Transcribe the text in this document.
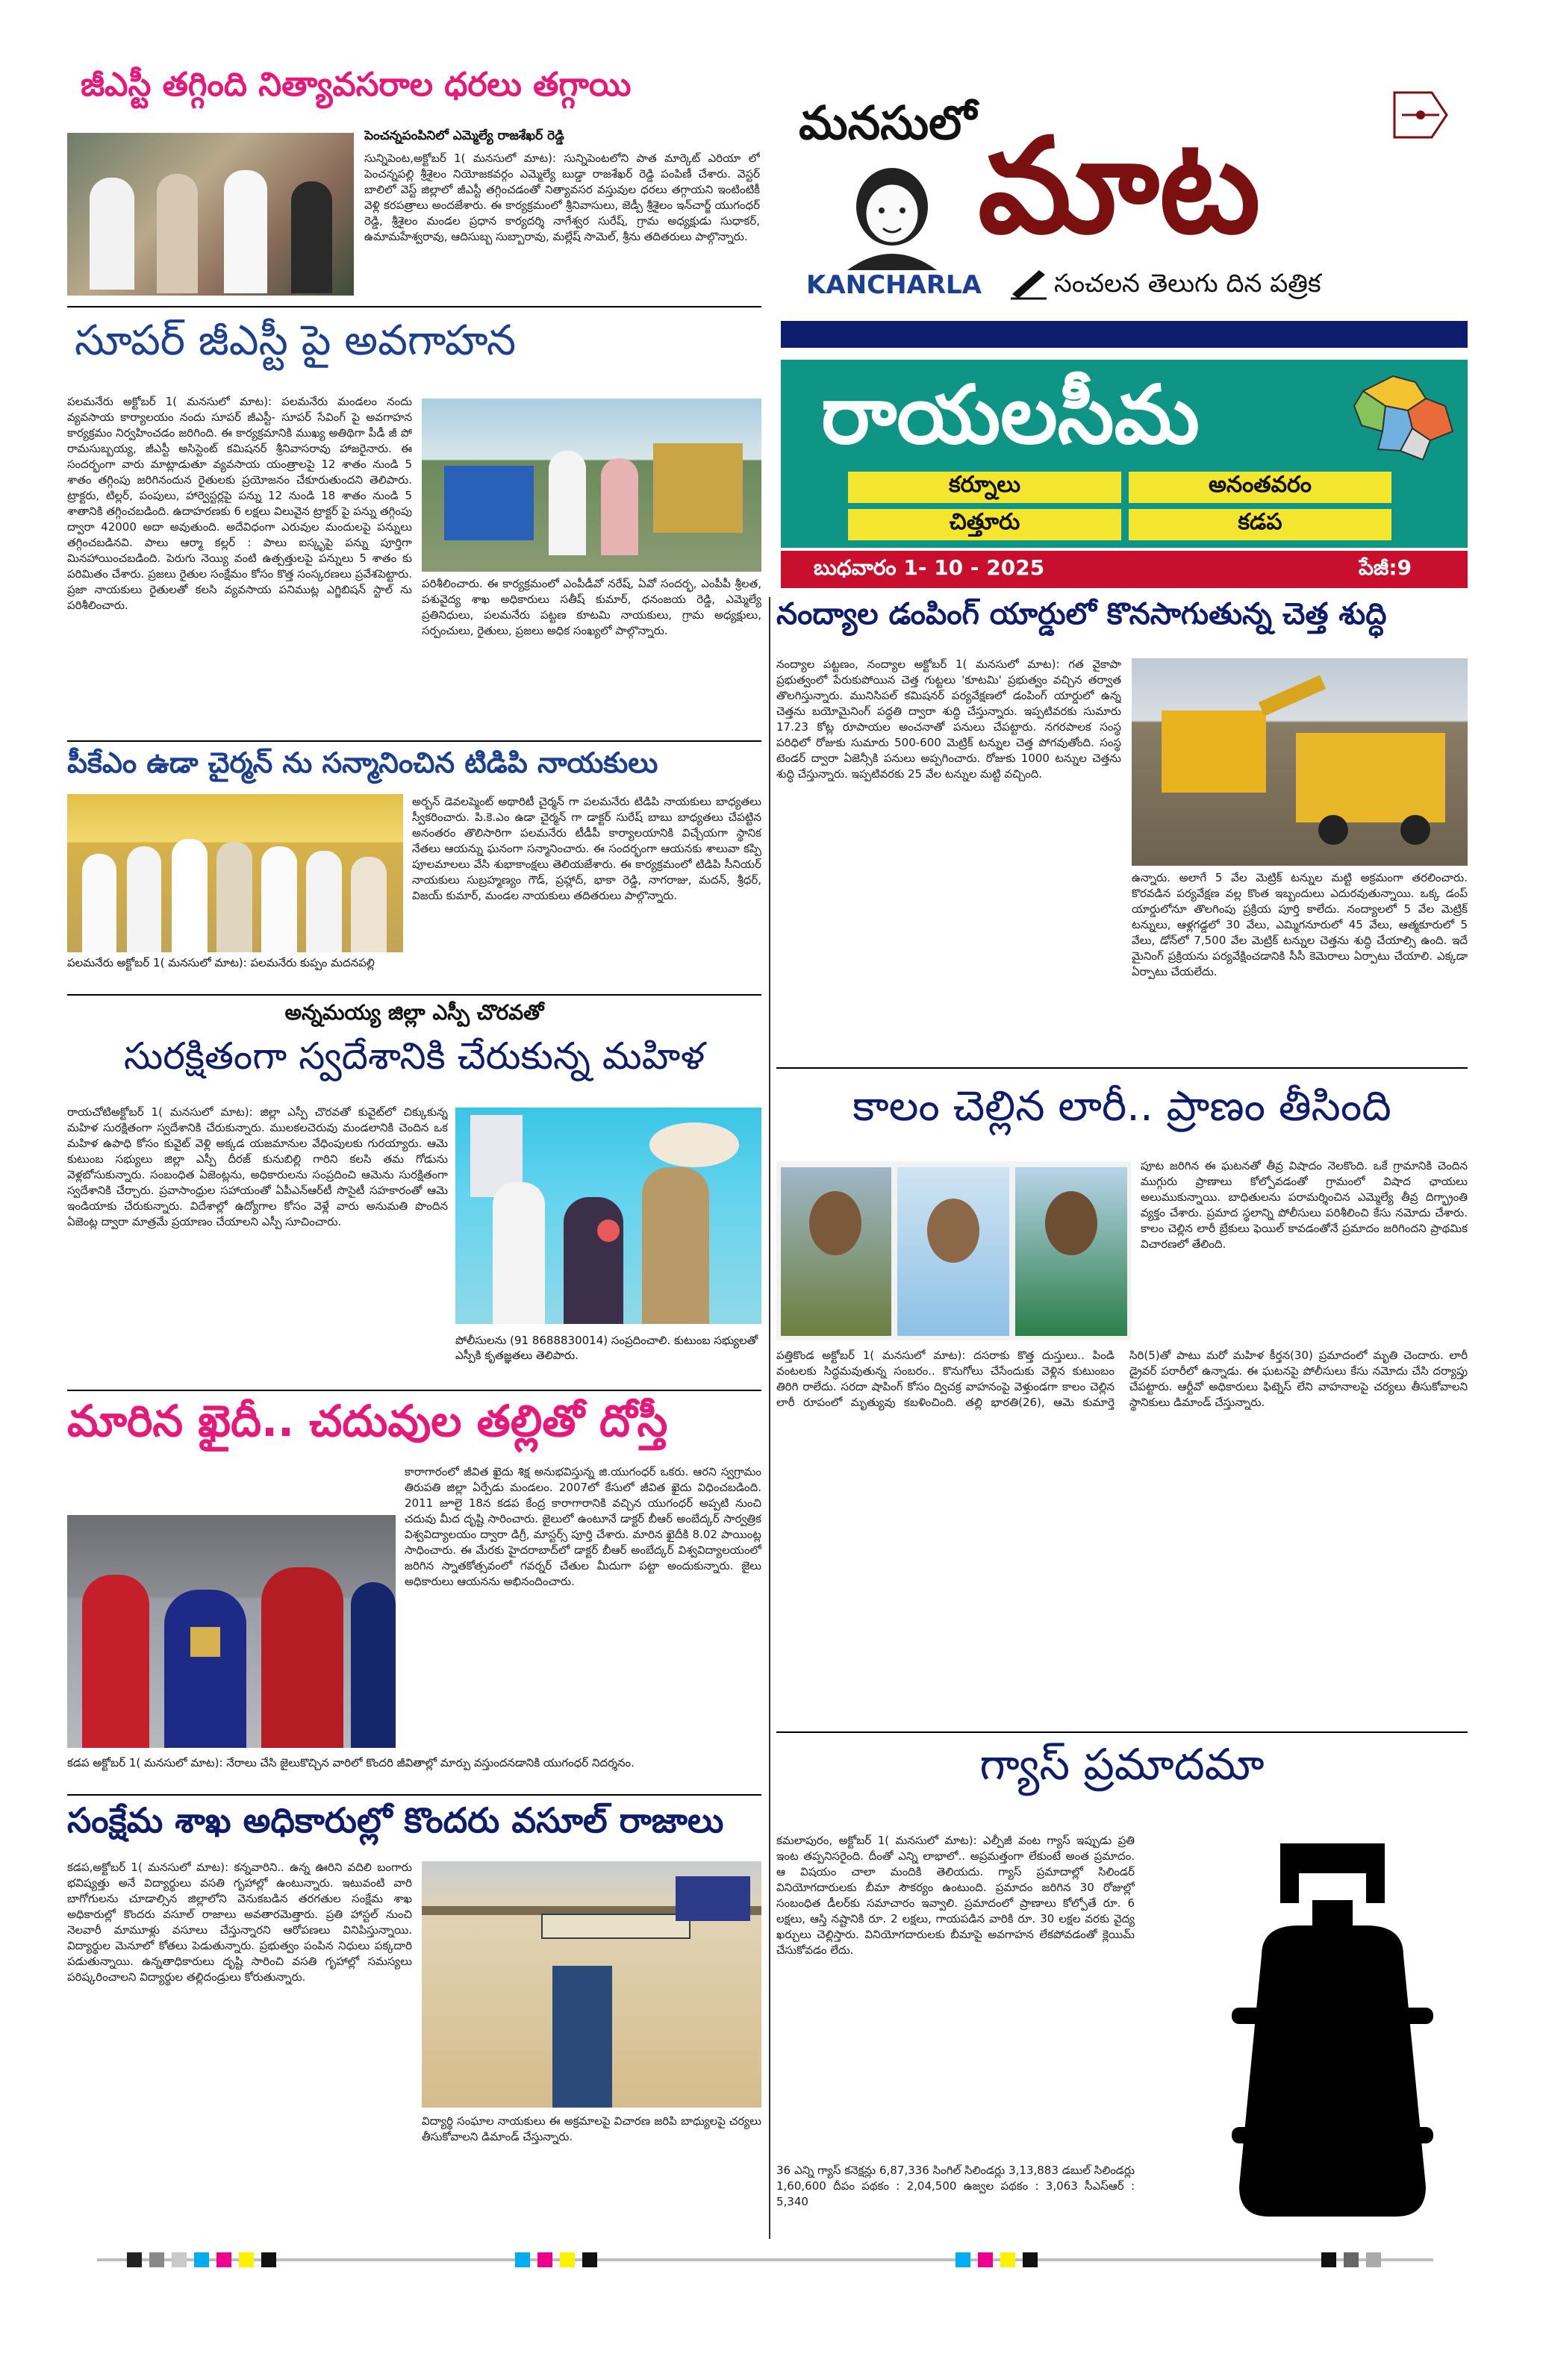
జీఎస్టీ తగ్గింది నిత్యావసరాల ధరలు తగ్గాయి
పెంచన్నపంపినిలో ఎమ్మెల్యే రాజశేఖర్ రెడ్డి
సున్నిపెంట,అక్టోబర్ 1( మనసులో మాట): సున్నిపెంటలోని పాత మార్కెట్ ఎరియా లో పెంచన్నపల్లి శ్రీశైలం నియోజకవర్గం ఎమ్మెల్యే బుడ్డా రాజశేఖర్ రెడ్డి పంపిణీ చేశారు. వెస్టర్ బాలిలో వెస్ట్ జిల్లాలో జీఎస్టీ తగ్గించడంతో నిత్యావసర వస్తువుల ధరలు తగ్గాయని ఇంటింటికీ వెళ్లి కరపత్రాలు అందజేశారు. ఈ కార్యక్రమంలో శ్రీనివాసులు, జెడ్పీ శ్రీశైలం ఇన్‌చార్జ్ యుగంధర్ రెడ్డి, శ్రీశైలం మండల ప్రధాన కార్యదర్శి నాగేశ్వర సురేష్, గ్రామ అధ్యక్షుడు సుధాకర్, ఉమామహేశ్వరావు, ఆదిసుబ్బ సుబ్బారావు, మల్లేష్ సామెల్, శ్రీను తదితరులు పాల్గొన్నారు.
సూపర్ జీఎస్టీ పై అవగాహన
పలమనేరు అక్టోబర్ 1( మనసులో మాట): పలమనేరు మండలం నందు వ్యవసాయ కార్యాలయం నందు సూపర్ జీఎస్టీ- సూపర్ సేవింగ్ పై అవగాహన కార్యక్రమం నిర్వహించడం జరిగింది. ఈ కార్యక్రమానికి ముఖ్య అతిథిగా పీడీ జీ పో రామసుబ్బయ్య, జీఎస్టీ అసిస్టెంట్ కమిషనర్ శ్రీనివాసరావు హాజరైనారు. ఈ సందర్భంగా వారు మాట్లాడుతూ వ్యవసాయ యంత్రాలపై 12 శాతం నుండి 5 శాతం తగ్గింపు జరిగినందున రైతులకు ప్రయోజనం చేకూరుతుందని తెలిపారు. ట్రాక్టరు, టిల్లర్, పంపులు, హార్వెస్టర్లపై పన్ను 12 నుండి 18 శాతం నుండి 5 శాతానికి తగ్గించబడింది. ఉదాహరణకు 6 లక్షలు విలువైన ట్రాక్టర్ పై పన్ను తగ్గింపు ద్వారా 42000 అదా అవుతుంది. అదేవిధంగా ఎరువుల మందులపై పన్నులు తగ్గించబడినవి. పాలు ఆర్మా కల్లర్ : పాలు ఐస్కృపై పన్ను పూర్తిగా మినహాయించబడింది. పెరుగు నెయ్యి వంటి ఉత్పత్తులపై పన్నులు 5 శాతం కు పరిమితం చేశారు. ప్రజలు రైతుల సంక్షేమం కోసం కొత్త సంస్కరణలు ప్రవేశపెట్టారు. ప్రజా నాయకులు రైతులతో కలసి వ్యవసాయ పనిముట్ల ఎగ్జిబిషన్ స్టాల్ ను పరిశీలించారు.
పరిశీలించారు. ఈ కార్యక్రమంలో ఎంపీడీవో నరేష్, ఏవో సందర్భ, ఎంపీపీ శ్రీలత, పశువైద్య శాఖ అధికారులు సతీష్ కుమార్, ధనంజయ రెడ్డి, ఎమ్మెల్యే ప్రతినిధులు, పలమనేరు పట్టణ కూటమి నాయకులు, గ్రామ అధ్యక్షులు, సర్పంచులు, రైతులు, ప్రజలు అధిక సంఖ్యలో పాల్గొన్నారు.
పీకేఎం ఉడా చైర్మన్ ను సన్మానించిన టిడిపి నాయకులు
పలమనేరు అక్టోబర్ 1( మనసులో మాట): పలమనేరు కుప్పం మదనపల్లి
అర్బన్ డెవలప్మెంట్ అథారిటీ చైర్మన్ గా పలమనేరు టిడిపి నాయకులు బాధ్యతలు స్వీకరించారు. పి.కె.ఎం ఉడా చైర్మన్ గా డాక్టర్ సురేష్ బాబు బాధ్యతలు చేపట్టిన అనంతరం తొలిసారిగా పలమనేరు టీడీపీ కార్యాలయానికి విచ్చేయగా స్థానిక నేతలు ఆయన్ను ఘనంగా సన్మానించారు. ఈ సందర్భంగా ఆయనకు శాలువా కప్పి పూలమాలలు వేసి శుభాకాంక్షలు తెలియజేశారు. ఈ కార్యక్రమంలో టిడిపి సీనియర్ నాయకులు సుబ్రహ్మణ్యం గౌడ్, ప్రహ్లాద్, భాకా రెడ్డి, నాగరాజు, మదన్, శ్రీధర్, విజయ్ కుమార్, మండల నాయకులు తదితరులు పాల్గొన్నారు.
అన్నమయ్య జిల్లా ఎస్పీ చొరవతో
సురక్షితంగా స్వదేశానికి చేరుకున్న మహిళ
రాయచోటిఅక్టోబర్ 1( మనసులో మాట): జిల్లా ఎస్పీ చొరవతో కువైట్‌లో చిక్కుకున్న మహిళ సురక్షితంగా స్వదేశానికి చేరుకున్నారు. ములకలచెరువు మండలానికి చెందిన ఒక మహిళ ఉపాధి కోసం కువైట్ వెళ్లి అక్కడ యజమానుల వేధింపులకు గురయ్యారు. ఆమె కుటుంబ సభ్యులు జిల్లా ఎస్పీ దీరజ్ కునుబిల్లి గారిని కలసి తమ గోడును వెళ్లబోసుకున్నారు. సంబంధిత ఏజెంట్లను, అధికారులను సంప్రదించి ఆమెను సురక్షితంగా స్వదేశానికి చేర్చారు. ప్రవాసాంధ్రుల సహాయంతో ఏపీఎన్‌ఆర్‌టీ సొసైటీ సహకారంతో ఆమె ఇండియాకు చేరుకున్నారు. విదేశాల్లో ఉద్యోగాల కోసం వెళ్లే వారు అనుమతి పొందిన ఏజెంట్ల ద్వారా మాత్రమే ప్రయాణం చేయాలని ఎస్పీ సూచించారు.
పోలీసులను (91 8688830014) సంప్రదించాలి. కుటుంబ సభ్యులతో ఎస్పీకి కృతజ్ఞతలు తెలిపారు.
మారిన ఖైదీ.. చదువుల తల్లితో దోస్తీ
కారాగారంలో జీవిత ఖైదు శిక్ష అనుభవిస్తున్న జి.యుగంధర్ ఒకరు. ఆరని స్వగ్రామం తిరుపతి జిల్లా ఏర్పేడు మండలం. 2007లో కేసులో జీవిత ఖైదు విధించబడింది. 2011 జూలై 18న కడప కేంద్ర కారాగారానికి వచ్చిన యుగంధర్ అప్పటి నుంచి చదువు మీద దృష్టి సారించారు. జైలులో ఉంటూనే డాక్టర్ బీఆర్ అంబేద్కర్ సార్వత్రిక విశ్వవిద్యాలయం ద్వారా డిగ్రీ, మాస్టర్స్ పూర్తి చేశారు. మారిన ఖైదీకి 8.02 పాయింట్ల సాధించారు. ఈ మేరకు హైదరాబాద్‌లో డాక్టర్ బీఆర్ అంబేద్కర్ విశ్వవిద్యాలయంలో జరిగిన స్నాతకోత్సవంలో గవర్నర్ చేతుల మీదుగా పట్టా అందుకున్నారు. జైలు అధికారులు ఆయనను అభినందించారు.
కడప అక్టోబర్ 1( మనసులో మాట): నేరాలు చేసి జైలుకొచ్చిన వారిలో కొందరి జీవితాల్లో మార్పు వస్తుందనడానికి యుగంధర్ నిదర్శనం.
సంక్షేమ శాఖ అధికారుల్లో కొందరు వసూల్ రాజాలు
కడప,అక్టోబర్ 1( మనసులో మాట): కన్నవారిని.. ఉన్న ఊరిని వదిలి బంగారు భవిష్యత్తు అనే విద్యార్థులు వసతి గృహాల్లో ఉంటున్నారు. ఇటువంటి వారి బాగోగులను చూడాల్సిన జిల్లాలోని వెనుకబడిన తరగతుల సంక్షేమ శాఖ అధికారుల్లో కొందరు వసూల్ రాజాలు అవతారమెత్తారు. ప్రతి హాస్టల్ నుంచి నెలవారీ మామూళ్లు వసూలు చేస్తున్నారని ఆరోపణలు వినిపిస్తున్నాయి. విద్యార్థుల మెనూలో కోతలు పెడుతున్నారు. ప్రభుత్వం పంపిన నిధులు పక్కదారి పడుతున్నాయి. ఉన్నతాధికారులు దృష్టి సారించి వసతి గృహాల్లో సమస్యలు పరిష్కరించాలని విద్యార్థుల తల్లిదండ్రులు కోరుతున్నారు.
విద్యార్థి సంఘాల నాయకులు ఈ అక్రమాలపై విచారణ జరిపి బాధ్యులపై చర్యలు తీసుకోవాలని డిమాండ్ చేస్తున్నారు.
మనసులో మాట
KANCHARLA	సంచలన తెలుగు దిన పత్రిక
రాయలసీమ
కర్నూలు	అనంతవరం
చిత్తూరు	కడప
బుధవారం 1- 10 - 2025	పేజీ:9
నంద్యాల డంపింగ్ యార్డులో కొనసాగుతున్న చెత్త శుద్ధి
నంద్యాల పట్టణం, నంద్యాల అక్టోబర్ 1( మనసులో మాట): గత వైకాపా ప్రభుత్వంలో పేరుకుపోయిన చెత్త గుట్టలు 'కూటమి' ప్రభుత్వం వచ్చిన తర్వాత తొలగిస్తున్నారు. మునిసిపల్ కమిషనర్ పర్యవేక్షణలో డంపింగ్ యార్డులో ఉన్న చెత్తను బయోమైనింగ్ పద్ధతి ద్వారా శుద్ధి చేస్తున్నారు. ఇప్పటివరకు సుమారు 17.23 కోట్ల రూపాయల అంచనాతో పనులు చేపట్టారు. నగరపాలక సంస్థ పరిధిలో రోజుకు సుమారు 500-600 మెట్రిక్ టన్నుల చెత్త పోగవుతోంది. సంస్థ టెండర్ ద్వారా ఏజెన్సీకి పనులు అప్పగించారు. రోజుకు 1000 టన్నుల చెత్తను శుద్ధి చేస్తున్నారు. ఇప్పటివరకు 25 వేల టన్నుల మట్టి వచ్చింది.
ఉన్నారు. అలాగే 5 వేల మెట్రిక్ టన్నుల మట్టి అక్రమంగా తరలించారు. కొరవడిన పర్యవేక్షణ వల్ల కొంత ఇబ్బందులు ఎదురవుతున్నాయి. ఒక్క డంప్ యార్డులోనూ తొలగింపు ప్రక్రియ పూర్తి కాలేదు. నంద్యాలలో 5 వేల మెట్రిక్ టన్నులు, ఆళ్లగడ్డలో 30 వేలు, ఎమ్మిగనూరులో 45 వేలు, ఆత్మకూరులో 5 వేలు, డోన్‌లో 7,500 వేల మెట్రిక్ టన్నుల చెత్తను శుద్ధి చేయాల్సి ఉంది. ఇదే మైనింగ్ ప్రక్రియను పర్యవేక్షించడానికి సీసీ కెమెరాలు ఏర్పాటు చేయాలి. ఎక్కడా ఏర్పాటు చేయలేదు.
కాలం చెల్లిన లారీ.. ప్రాణం తీసింది
పూట జరిగిన ఈ ఘటనతో తీవ్ర విషాదం నెలకొంది. ఒకే గ్రామానికి చెందిన ముగ్గురు ప్రాణాలు కోల్పోవడంతో గ్రామంలో విషాద ఛాయలు అలుముకున్నాయి. బాధితులను పరామర్శించిన ఎమ్మెల్యే తీవ్ర దిగ్భ్రాంతి వ్యక్తం చేశారు. ప్రమాద స్థలాన్ని పోలీసులు పరిశీలించి కేసు నమోదు చేశారు. కాలం చెల్లిన లారీ బ్రేకులు ఫెయిల్ కావడంతోనే ప్రమాదం జరిగిందని ప్రాథమిక విచారణలో తేలింది.
పత్తికొండ అక్టోబర్ 1( మనసులో మాట): దసరాకు కొత్త దుస్తులు.. పిండి వంటలకు సిద్ధమవుతున్న సంబరం.. కొనుగోలు చేసేందుకు వెళ్లిన కుటుంబం తిరిగి రాలేదు. సరదా షాపింగ్ కోసం ద్విచక్ర వాహనంపై వెళ్తుండగా కాలం చెల్లిన లారీ రూపంలో మృత్యువు కబళించింది. తల్లి భారతి(26), ఆమె కుమార్తె సిరి(5)తో పాటు మరో మహిళ కీర్తన(30) ప్రమాదంలో మృతి చెందారు. లారీ డ్రైవర్ పరారీలో ఉన్నాడు. ఈ ఘటనపై పోలీసులు కేసు నమోదు చేసి దర్యాప్తు చేపట్టారు. ఆర్టీవో అధికారులు ఫిట్నెస్ లేని వాహనాలపై చర్యలు తీసుకోవాలని స్థానికులు డిమాండ్ చేస్తున్నారు.
గ్యాస్ ప్రమాదమా
కమలాపురం, అక్టోబర్ 1( మనసులో మాట): ఎల్పీజీ వంట గ్యాస్ ఇప్పుడు ప్రతి ఇంట తప్పనిసరైంది. దీంతో ఎన్ని లాభాలో.. అప్రమత్తంగా లేకుంటే అంత ప్రమాదం. ఆ విషయం చాలా మందికి తెలియదు. గ్యాస్ ప్రమాదాల్లో సిలిండర్ వినియోగదారులకు బీమా సౌకర్యం ఉంటుంది. ప్రమాదం జరిగిన 30 రోజుల్లో సంబంధిత డీలర్‌కు సమాచారం ఇవ్వాలి. ప్రమాదంలో ప్రాణాలు కోల్పోతే రూ. 6 లక్షలు, ఆస్తి నష్టానికి రూ. 2 లక్షలు, గాయపడిన వారికి రూ. 30 లక్షల వరకు వైద్య ఖర్చులు చెల్లిస్తారు. వినియోగదారులకు బీమాపై అవగాహన లేకపోవడంతో క్లెయిమ్ చేసుకోవడం లేదు.
36 ఎన్ని గ్యాస్ కనెక్షన్లు 6,87,336 సింగిల్ సిలిండర్లు 3,13,883 డబుల్ సిలిండర్లు 1,60,600 దీపం పథకం : 2,04,500 ఉజ్వల పథకం : 3,063 సీఎస్ఆర్ : 5,340
